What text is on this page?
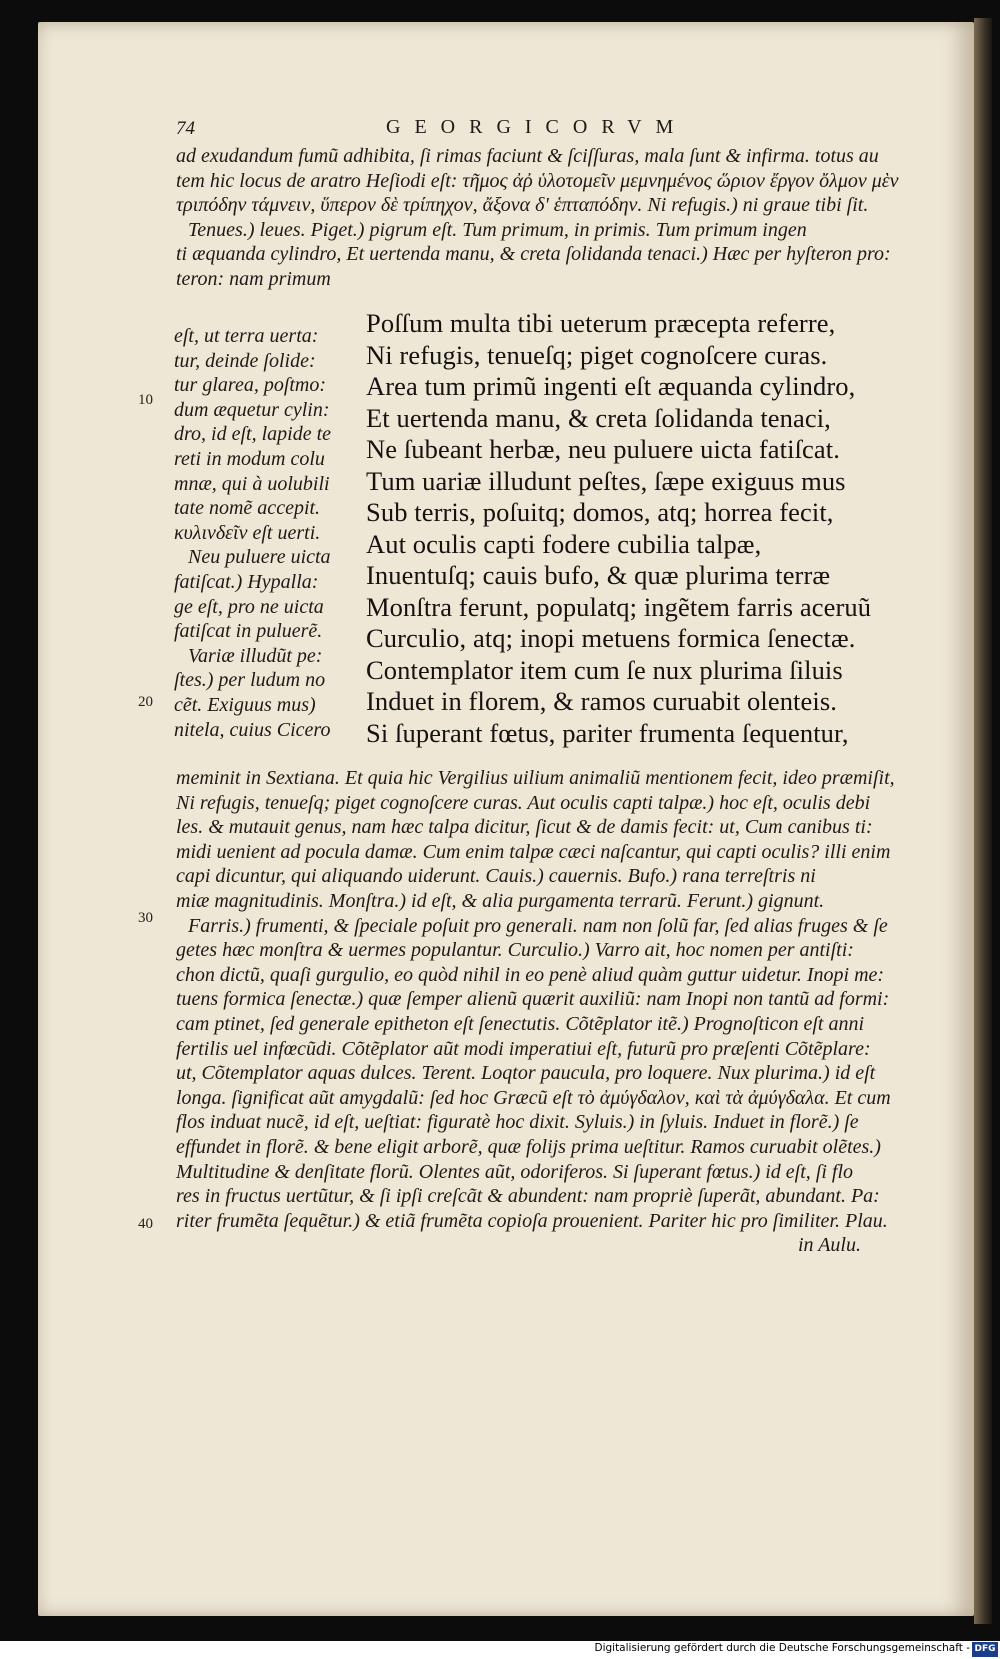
74	GEORGICORVM
ad exudandum fumũ adhibita, ſi rimas faciunt & ſciſſuras, mala ſunt & infirma. totus au
tem hic locus de aratro Heſiodi eſt: τῆμος ἀῤ ὑλοτομεῖν μεμνημένος ὥριον ἔργον ὄλμον μὲν
τριπόδην τάμνειν, ὕπερον δὲ τρίπηχον, ἄξονα δ' ἑπταπόδην. Ni refugis.) ni graue tibi ſit.
Tenues.) leues. Piget.) pigrum eſt. Tum primum, in primis. Tum primum ingen
ti æquanda cylindro, Et uertenda manu, & creta ſolidanda tenaci.) Hæc per hyſteron pro:
teron: nam primum
eſt, ut terra uerta:
tur, deinde ſolide:
tur glarea, poſtmo:
dum æquetur cylin:
dro, id eſt, lapide te
reti in modum colu
mnæ, qui à uolubili
tate nomẽ accepit.
κυλινδεῖν eſt uerti.
Neu puluere uicta
fatiſcat.) Hypalla:
ge eſt, pro ne uicta
fatiſcat in puluerẽ.
Variæ illudũt pe:
ſtes.) per ludum no
cẽt. Exiguus mus)
nitela, cuius Cicero
Poſſum multa tibi ueterum præcepta referre,
Ni refugis, tenueſq; piget cognoſcere curas.
Area tum primũ ingenti eſt æquanda cylindro,
Et uertenda manu, & creta ſolidanda tenaci,
Ne ſubeant herbæ, neu puluere uicta fatiſcat.
Tum uariæ illudunt peſtes, ſæpe exiguus mus
Sub terris, poſuitq; domos, atq; horrea fecit,
Aut oculis capti fodere cubilia talpæ,
Inuentuſq; cauis bufo, & quæ plurima terræ
Monſtra ferunt, populatq; ingẽtem farris aceruũ
Curculio, atq; inopi metuens formica ſenectæ.
Contemplator item cum ſe nux plurima ſiluis
Induet in florem, & ramos curuabit olenteis.
Si ſuperant fœtus, pariter frumenta ſequentur,
meminit in Sextiana. Et quia hic Vergilius uilium animaliũ mentionem fecit, ideo præmiſit,
Ni refugis, tenueſq; piget cognoſcere curas. Aut oculis capti talpæ.) hoc eſt, oculis debi
les. & mutauit genus, nam hæc talpa dicitur, ſicut & de damis fecit: ut, Cum canibus ti:
midi uenient ad pocula damæ. Cum enim talpæ cæci naſcantur, qui capti oculis? illi enim
capi dicuntur, qui aliquando uiderunt. Cauis.) cauernis. Bufo.) rana terreſtris ni
miæ magnitudinis. Monſtra.) id eſt, & alia purgamenta terrarũ. Ferunt.) gignunt.
Farris.) frumenti, & ſpeciale poſuit pro generali. nam non ſolũ far, ſed alias fruges & ſe
getes hæc monſtra & uermes populantur. Curculio.) Varro ait, hoc nomen per antiſti:
chon dictũ, quaſi gurgulio, eo quòd nihil in eo penè aliud quàm guttur uidetur. Inopi me:
tuens formica ſenectæ.) quæ ſemper alienũ quærit auxiliũ: nam Inopi non tantũ ad formi:
cam ptinet, ſed generale epitheton eſt ſenectutis. Cõtẽplator itẽ.) Prognoſticon eſt anni
fertilis uel infœcũdi. Cõtẽplator aũt modi imperatiui eſt, futurũ pro præſenti Cõtẽplare:
ut, Cõtemplator aquas dulces. Terent. Loqtor paucula, pro loquere. Nux plurima.) id eſt
longa. ſignificat aũt amygdalũ: ſed hoc Græcũ eſt τὸ ἀμύγδαλον, καὶ τὰ ἀμύγδαλα. Et cum
flos induat nucẽ, id eſt, ueſtiat: figuratè hoc dixit. Syluis.) in ſyluis. Induet in florẽ.) ſe
effundet in florẽ. & bene eligit arborẽ, quæ folijs prima ueſtitur. Ramos curuabit olẽtes.)
Multitudine & denſitate florũ. Olentes aũt, odoriferos. Si ſuperant fœtus.) id eſt, ſi flo
res in fructus uertũtur, & ſi ipſi creſcãt & abundent: nam propriè ſuperãt, abundant. Pa:
riter frumẽta ſequẽtur.) & etiã frumẽta copioſa prouenient. Pariter hic pro ſimiliter. Plau.
in Aulu.
10
20
30
40
Digitalisierung gefördert durch die Deutsche Forschungsgemeinschaft - DFG
